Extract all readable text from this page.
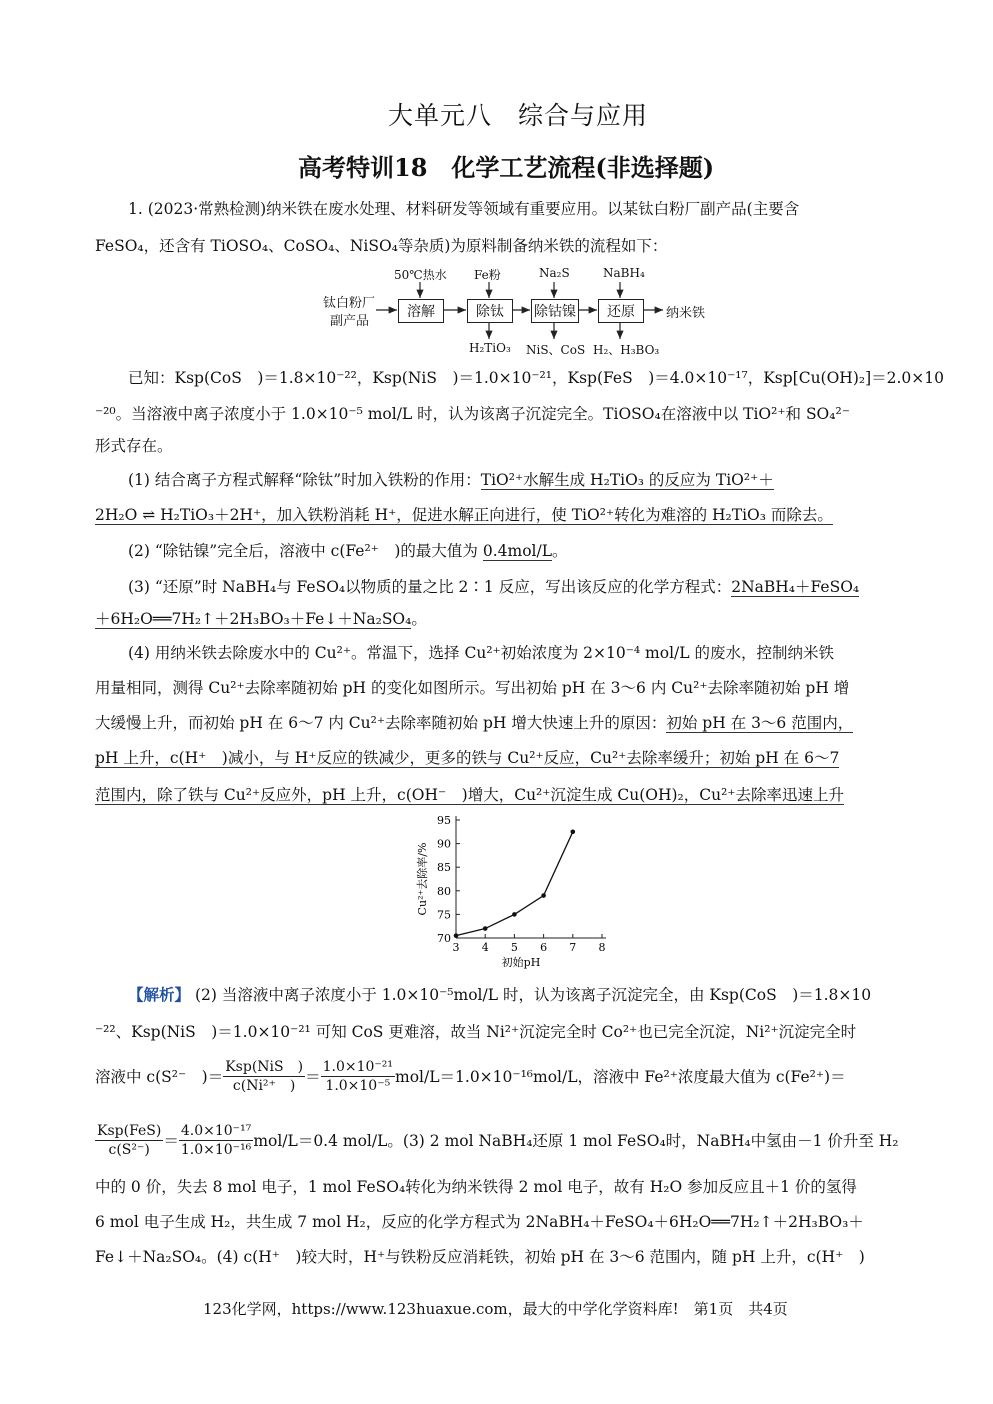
大单元八　综合与应用
高考特训18　化学工艺流程(非选择题)
1. (2023·常熟检测)纳米铁在废水处理、材料研发等领域有重要应用。以某钛白粉厂副产品(主要含
FeSO₄，还含有 TiOSO₄、CoSO₄、NiSO₄等杂质)为原料制备纳米铁的流程如下：
钛白粉厂
副产品
溶解	除钛	除钴镍	还原
50℃热水 Fe粉	Na₂S	NaBH₄
H₂TiO₃ NiS、CoS H₂、H₃BO₃
纳米铁
已知：Ksp(CoS　)＝1.8×10⁻²²，Ksp(NiS　)＝1.0×10⁻²¹，Ksp(FeS　)＝4.0×10⁻¹⁷，Ksp[Cu(OH)₂]＝2.0×10
⁻²⁰。当溶液中离子浓度小于 1.0×10⁻⁵ mol/L 时，认为该离子沉淀完全。TiOSO₄在溶液中以 TiO²⁺和 SO₄²⁻
形式存在。
(1) 结合离子方程式解释“除钛”时加入铁粉的作用：TiO²⁺水解生成 H₂TiO₃ 的反应为 TiO²⁺＋
2H₂O ⇌ H₂TiO₃＋2H⁺，加入铁粉消耗 H⁺，促进水解正向进行，使 TiO²⁺转化为难溶的 H₂TiO₃ 而除去。
(2) “除钴镍”完全后，溶液中 c(Fe²⁺　)的最大值为 0.4mol/L。
(3) “还原”时 NaBH₄与 FeSO₄以物质的量之比 2∶1 反应，写出该反应的化学方程式：2NaBH₄＋FeSO₄
＋6H₂O══7H₂↑＋2H₃BO₃＋Fe↓＋Na₂SO₄。
(4) 用纳米铁去除废水中的 Cu²⁺。常温下，选择 Cu²⁺初始浓度为 2×10⁻⁴ mol/L 的废水，控制纳米铁
用量相同，测得 Cu²⁺去除率随初始 pH 的变化如图所示。写出初始 pH 在 3～6 内 Cu²⁺去除率随初始 pH 增
大缓慢上升，而初始 pH 在 6～7 内 Cu²⁺去除率随初始 pH 增大快速上升的原因：初始 pH 在 3～6 范围内，
pH 上升，c(H⁺　)减小，与 H⁺反应的铁减少，更多的铁与 Cu²⁺反应，Cu²⁺去除率缓升；初始 pH 在 6～7
范围内，除了铁与 Cu²⁺反应外，pH 上升，c(OH⁻　)增大，Cu²⁺沉淀生成 Cu(OH)₂，Cu²⁺去除率迅速上升
70
75
80
85
90
95
3 4 5 6 7 8
初始pH
Cu²⁺去除率/%
【解析】 (2) 当溶液中离子浓度小于 1.0×10⁻⁵mol/L 时，认为该离子沉淀完全，由 Ksp(CoS　)＝1.8×10
⁻²²、Ksp(NiS　)＝1.0×10⁻²¹ 可知 CoS 更难溶，故当 Ni²⁺沉淀完全时 Co²⁺也已完全沉淀，Ni²⁺沉淀完全时
溶液中 c(S²⁻　)＝ $\frac{\text{Ksp(NiS　)}}{\text{c(Ni²⁺　)}} = \frac{\text{1.0×10⁻²¹}}{\text{1.0×10⁻⁵}} mol/L=1.0\times 10^{-16}mol/L$，溶液中 Fe²⁺浓度最大值为 c(Fe²⁺)＝
$\frac{\text{Ksp(FeS)}}{\text{c(S²⁻)}} = \frac{\text{4.0×10⁻¹⁷}}{\text{1.0×10⁻¹⁶}} mol/L=0.4$ mol/L。(3) 2 mol NaBH₄还原 1 mol FeSO₄时，NaBH₄中氢由－1 价升至 H₂
中的 0 价，失去 8 mol 电子，1 mol FeSO₄转化为纳米铁得 2 mol 电子，故有 H₂O 参加反应且＋1 价的氢得
6 mol 电子生成 H₂，共生成 7 mol H₂，反应的化学方程式为 2NaBH₄＋FeSO₄＋6H₂O══7H₂↑＋2H₃BO₃＋
Fe↓＋Na₂SO₄。(4) c(H⁺　)较大时，H⁺与铁粉反应消耗铁，初始 pH 在 3～6 范围内，随 pH 上升，c(H⁺　)
123化学网，https://www.123huaxue.com，最大的中学化学资料库!　第1页　共4页
